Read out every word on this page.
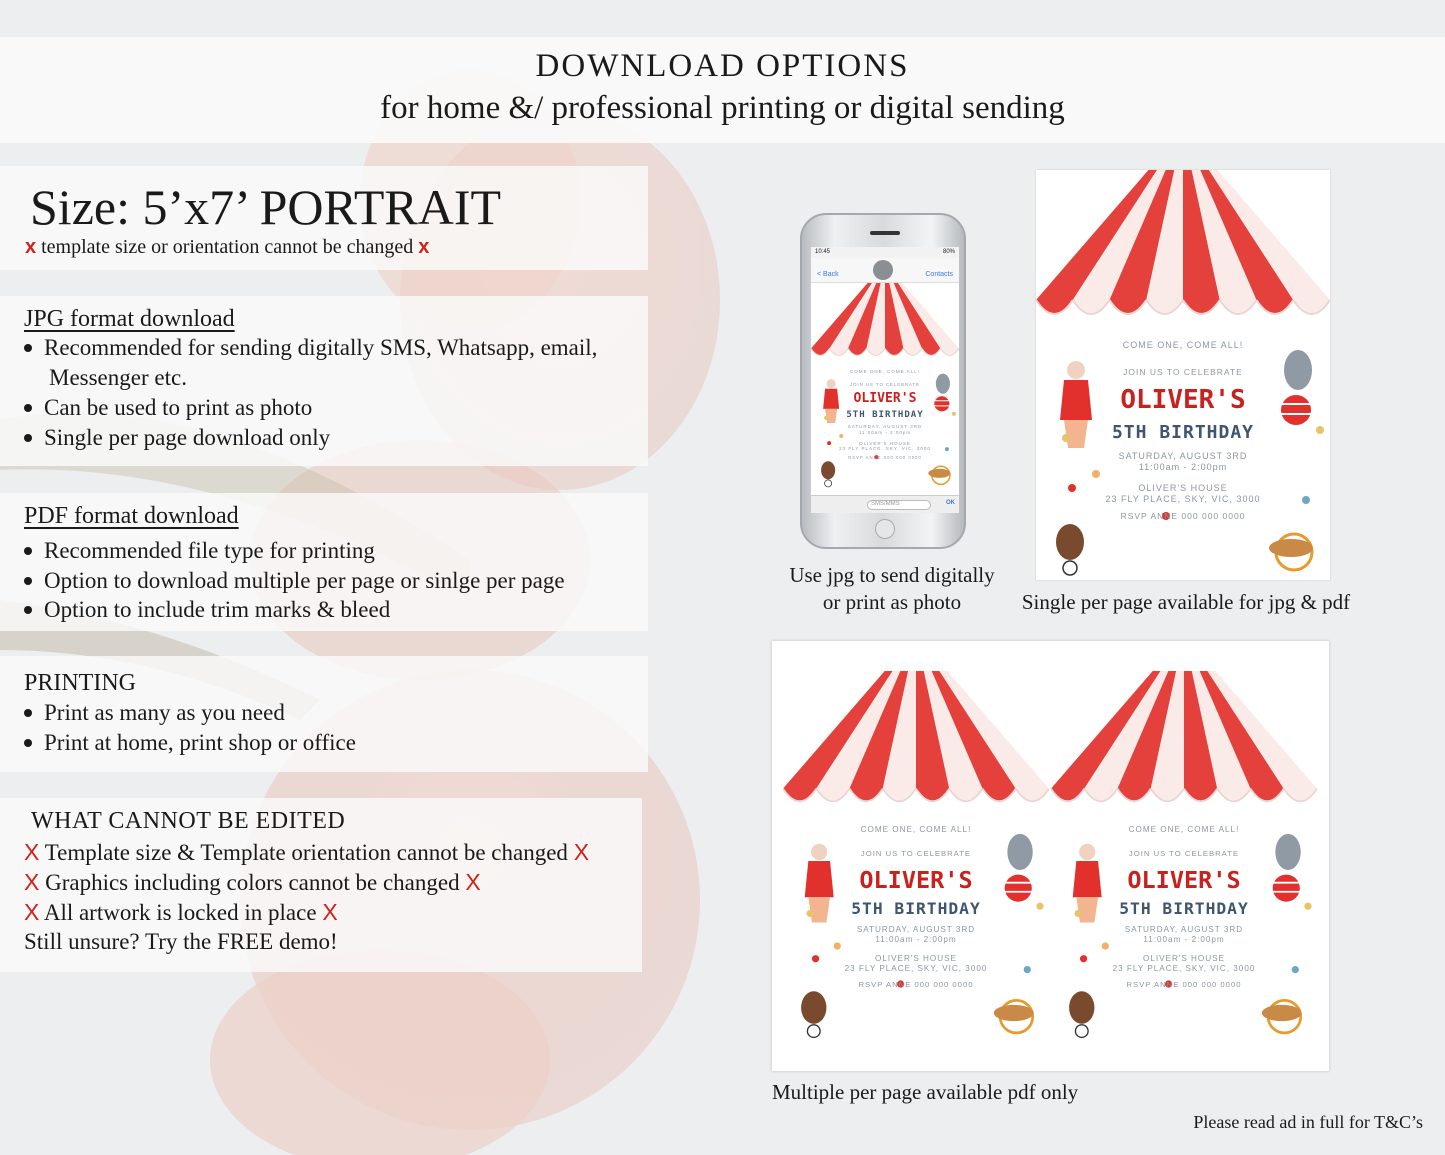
DOWNLOAD OPTIONS
for home &/ professional printing or digital sending
Size: 5’x7’ PORTRAIT
x template size or orientation cannot be changed x
JPG format download
Recommended for sending digitally SMS, Whatsapp, email,
Messenger etc.
Can be used to print as photo
Single per page download only
PDF format download
Recommended file type for printing
Option to download multiple per page or sinlge per page
Option to include trim marks & bleed
PRINTING
Print as many as you need
Print at home, print shop or office
WHAT CANNOT BE EDITED
X Template size & Template orientation cannot be changed X
X Graphics including colors cannot be changed X
X All artwork is locked in place X
Still unsure? Try the FREE demo!
10:45	80%
< Back	Contacts
COME ONE, COME ALL!
JOIN US TO CELEBRATE
OLIVER'S
5TH BIRTHDAY
SATURDAY, AUGUST 3RD
11:00am - 2:00pm
OLIVER'S HOUSE
23 FLY PLACE, SKY, VIC, 3000
RSVP ANNE 000 000 0000
SMS/MMS	OK
Use jpg to send digitally
or print as photo
COME ONE, COME ALL!
JOIN US TO CELEBRATE
OLIVER'S
5TH BIRTHDAY
SATURDAY, AUGUST 3RD
11:00am - 2:00pm
OLIVER'S HOUSE
23 FLY PLACE, SKY, VIC, 3000
RSVP ANNE 000 000 0000
Single per page available for jpg & pdf
COME ONE, COME ALL!
JOIN US TO CELEBRATE
OLIVER'S
5TH BIRTHDAY
SATURDAY, AUGUST 3RD
11:00am - 2:00pm
OLIVER'S HOUSE
23 FLY PLACE, SKY, VIC, 3000
RSVP ANNE 000 000 0000
COME ONE, COME ALL!
JOIN US TO CELEBRATE
OLIVER'S
5TH BIRTHDAY
SATURDAY, AUGUST 3RD
11:00am - 2:00pm
OLIVER'S HOUSE
23 FLY PLACE, SKY, VIC, 3000
RSVP ANNE 000 000 0000
Multiple per page available pdf only
Please read ad in full for T&C’s
